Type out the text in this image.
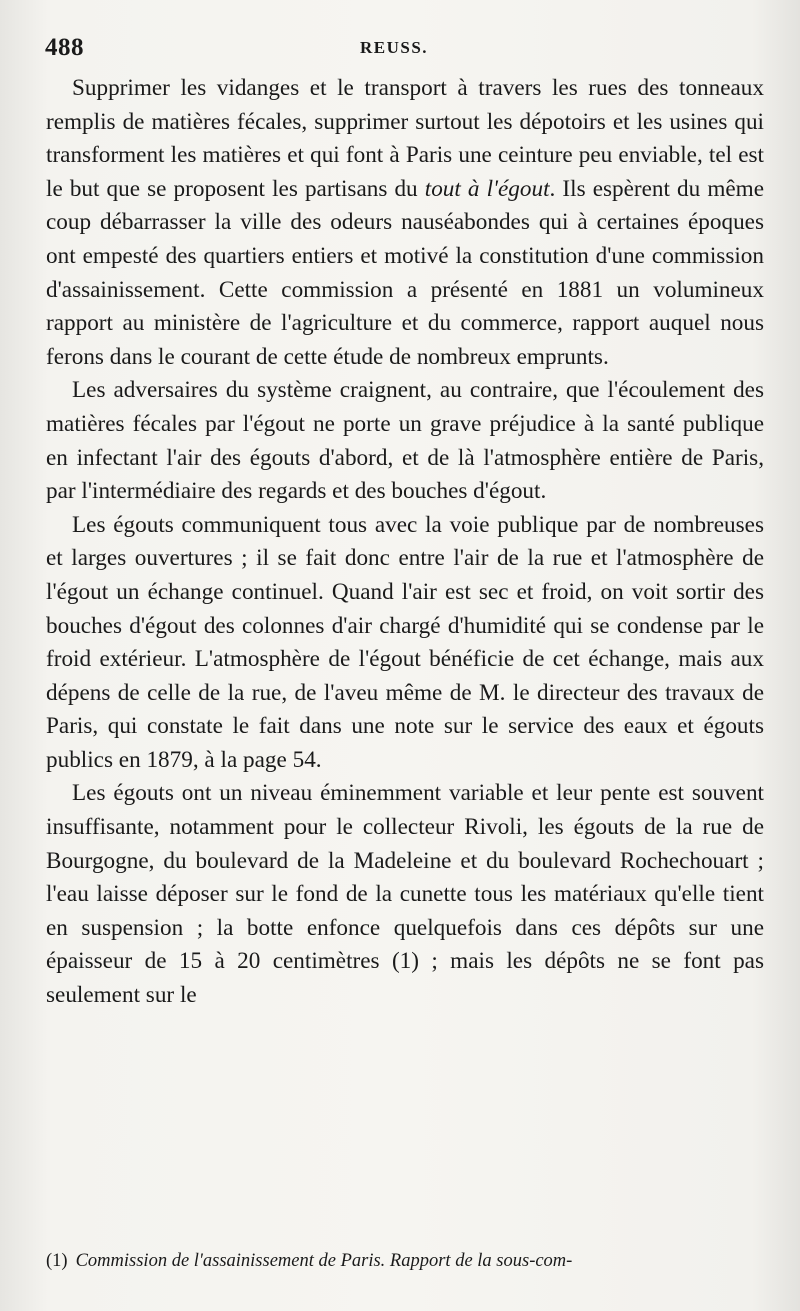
488	REUSS.

Supprimer les vidanges et le transport à travers les rues des tonneaux remplis de matières fécales, supprimer surtout les dépotoirs et les usines qui transforment les matières et qui font à Paris une ceinture peu enviable, tel est le but que se proposent les partisans du tout à l'égout. Ils espèrent du même coup débarrasser la ville des odeurs nauséabondes qui à certaines époques ont empesté des quartiers entiers et motivé la constitution d'une commission d'assainissement. Cette commission a présenté en 1881 un volumineux rapport au ministère de l'agriculture et du commerce, rapport auquel nous ferons dans le courant de cette étude de nombreux emprunts.

Les adversaires du système craignent, au contraire, que l'écoulement des matières fécales par l'égout ne porte un grave préjudice à la santé publique en infectant l'air des égouts d'abord, et de là l'atmosphère entière de Paris, par l'intermédiaire des regards et des bouches d'égout.

Les égouts communiquent tous avec la voie publique par de nombreuses et larges ouvertures ; il se fait donc entre l'air de la rue et l'atmosphère de l'égout un échange continuel. Quand l'air est sec et froid, on voit sortir des bouches d'égout des colonnes d'air chargé d'humidité qui se condense par le froid extérieur. L'atmosphère de l'égout bénéficie de cet échange, mais aux dépens de celle de la rue, de l'aveu même de M. le directeur des travaux de Paris, qui constate le fait dans une note sur le service des eaux et égouts publics en 1879, à la page 54.

Les égouts ont un niveau éminemment variable et leur pente est souvent insuffisante, notamment pour le collecteur Rivoli, les égouts de la rue de Bourgogne, du boulevard de la Madeleine et du boulevard Rochechouart ; l'eau laisse déposer sur le fond de la cunette tous les matériaux qu'elle tient en suspension ; la botte enfonce quelquefois dans ces dépôts sur une épaisseur de 15 à 20 centimètres (1) ; mais les dépôts ne se font pas seulement sur le

(1) Commission de l'assainissement de Paris. Rapport de la sous-com-
